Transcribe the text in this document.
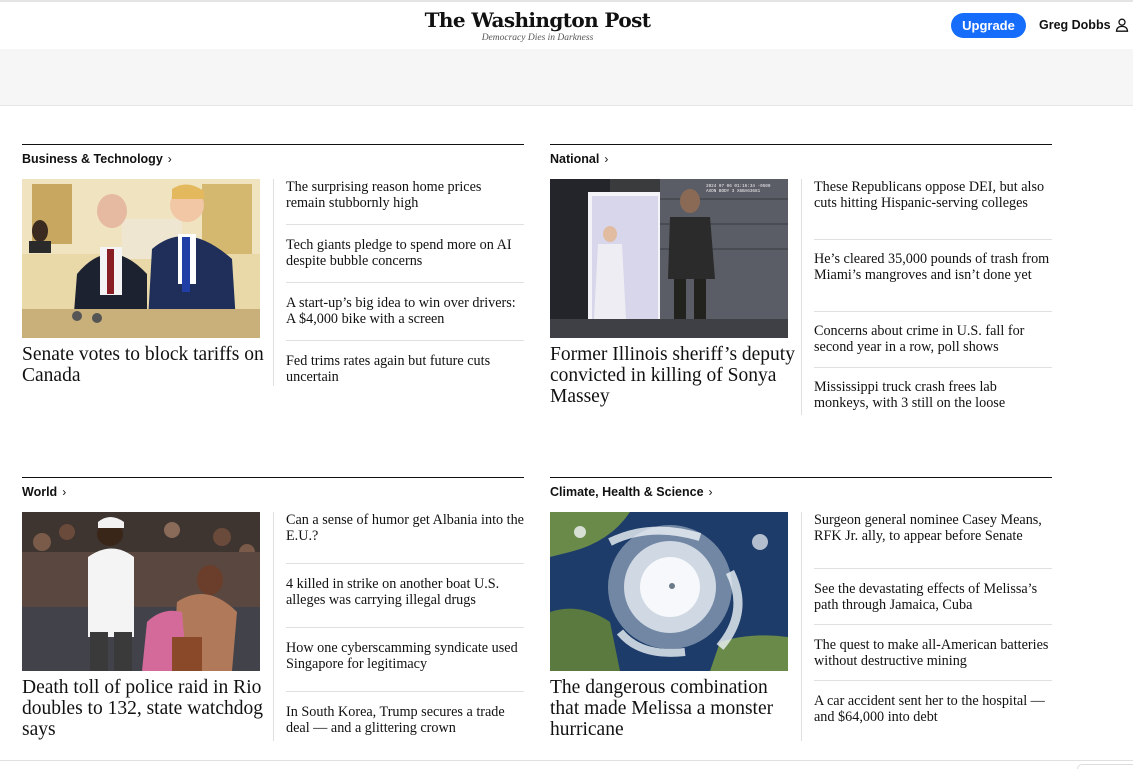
The Washington Post
Democracy Dies in Darkness
Upgrade	Greg Dobbs
Business & Technology ›
Senate votes to block tariffs on Canada
The surprising reason home prices remain stubbornly high
Tech giants pledge to spend more on AI despite bubble concerns
A start-up’s big idea to win over drivers: A $4,000 bike with a screen
Fed trims rates again but future cuts uncertain
National ›
2024 07 06 01:16:34 -0500
AXON BODY 3 X6BA63681
Former Illinois sheriff’s deputy convicted in killing of Sonya Massey
These Republicans oppose DEI, but also cuts hitting Hispanic-serving colleges
He’s cleared 35,000 pounds of trash from Miami’s mangroves and isn’t done yet
Concerns about crime in U.S. fall for second year in a row, poll shows
Mississippi truck crash frees lab monkeys, with 3 still on the loose
World ›
Death toll of police raid in Rio doubles to 132, state watchdog says
Can a sense of humor get Albania into the E.U.?
4 killed in strike on another boat U.S. alleges was carrying illegal drugs
How one cyberscamming syndicate used Singapore for legitimacy
In South Korea, Trump secures a trade deal — and a glittering crown
Climate, Health & Science ›
The dangerous combination that made Melissa a monster hurricane
Surgeon general nominee Casey Means, RFK Jr. ally, to appear before Senate
See the devastating effects of Melissa’s path through Jamaica, Cuba
The quest to make all-American batteries without destructive mining
A car accident sent her to the hospital — and $64,000 into debt
